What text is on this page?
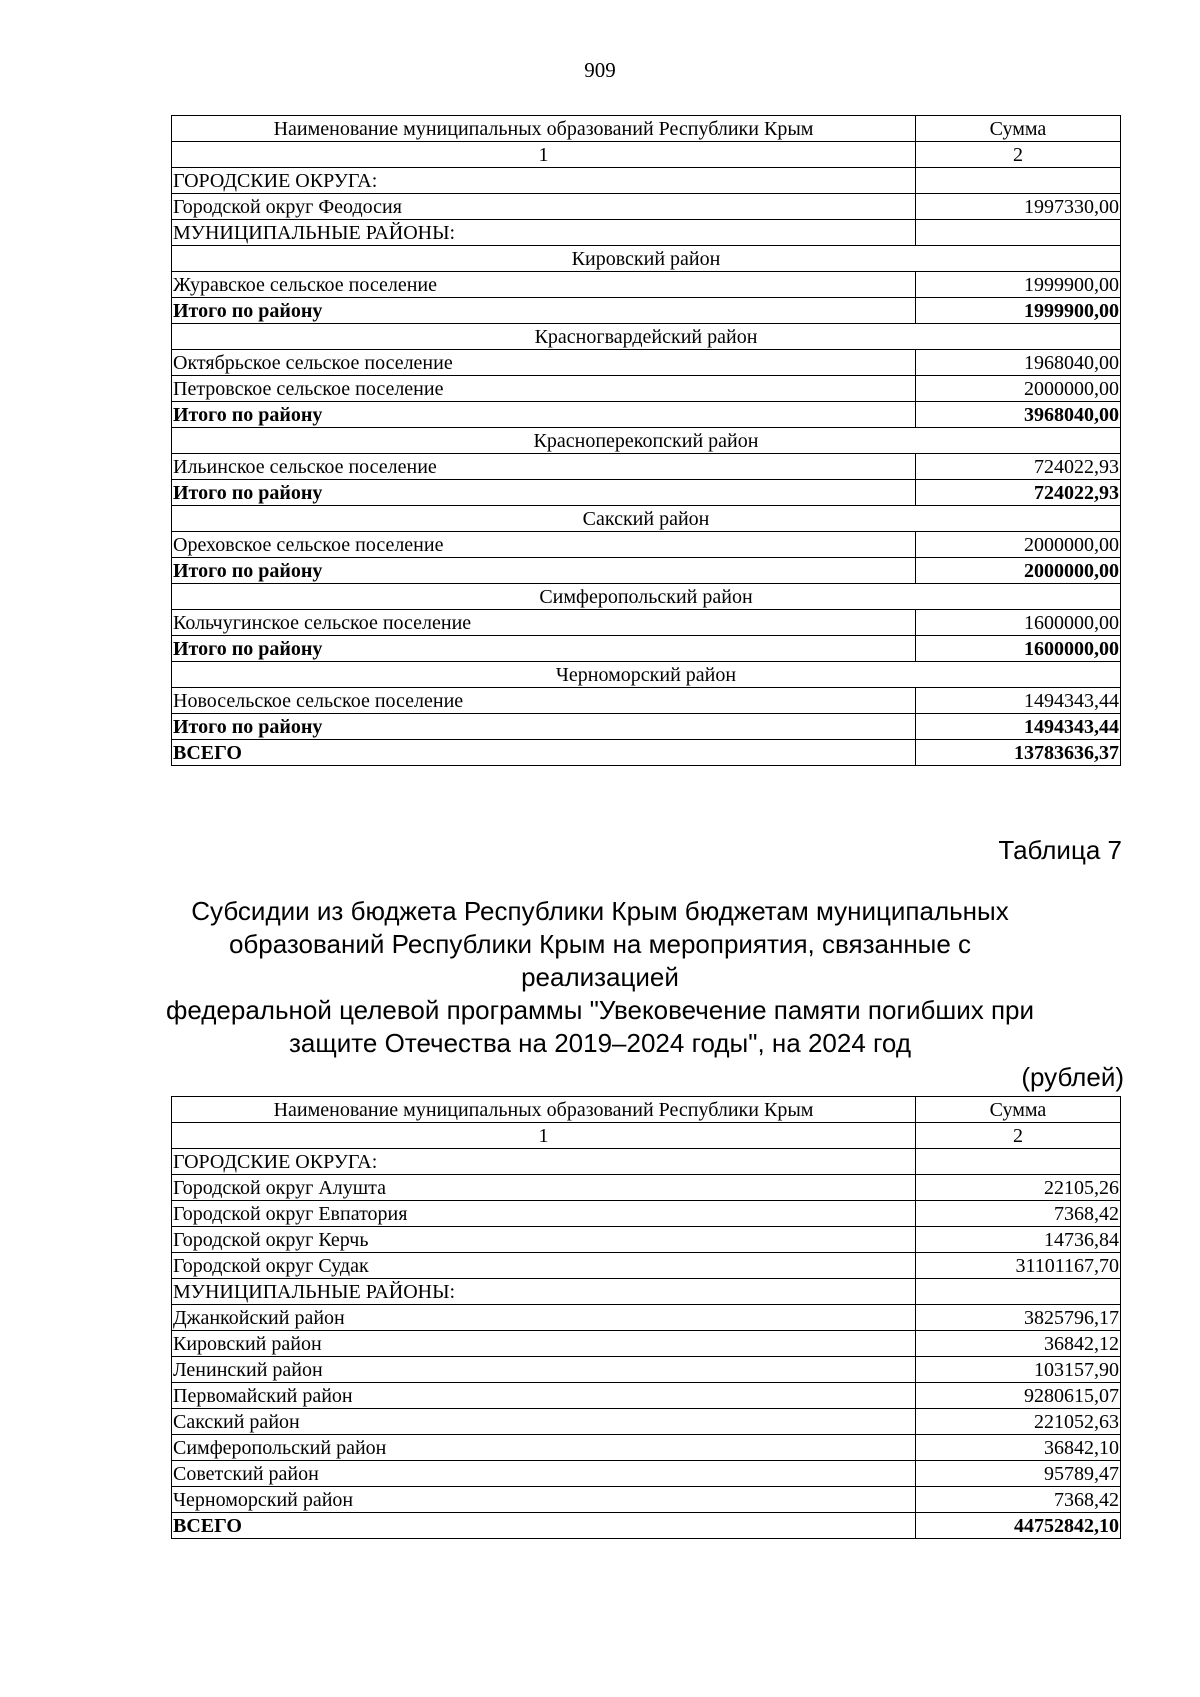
909
Наименование муниципальных образований Республики Крым	Сумма
1	2
ГОРОДСКИЕ ОКРУГА:	
Городской округ Феодосия	1997330,00
МУНИЦИПАЛЬНЫЕ РАЙОНЫ:	
Кировский район	
Журавское сельское поселение	1999900,00
Итого по району	1999900,00
Красногвардейский район	
Октябрьское сельское поселение	1968040,00
Петровское сельское поселение	2000000,00
Итого по району	3968040,00
Красноперекопский район	
Ильинское сельское поселение	724022,93
Итого по району	724022,93
Сакский район	
Ореховское сельское поселение	2000000,00
Итого по району	2000000,00
Симферопольский район	
Кольчугинское сельское поселение	1600000,00
Итого по району	1600000,00
Черноморский район	
Новосельское сельское поселение	1494343,44
Итого по району	1494343,44
ВСЕГО	13783636,37
Таблица 7
Субсидии из бюджета Республики Крым бюджетам муниципальных
образований Республики Крым на мероприятия, связанные с реализацией
федеральной целевой программы "Увековечение памяти погибших при
защите Отечества на 2019–2024 годы", на 2024 год
(рублей)
Наименование муниципальных образований Республики Крым	Сумма
1	2
ГОРОДСКИЕ ОКРУГА:	
Городской округ Алушта	22105,26
Городской округ Евпатория	7368,42
Городской округ Керчь	14736,84
Городской округ Судак	31101167,70
МУНИЦИПАЛЬНЫЕ РАЙОНЫ:	
Джанкойский район	3825796,17
Кировский район	36842,12
Ленинский район	103157,90
Первомайский район	9280615,07
Сакский район	221052,63
Симферопольский район	36842,10
Советский район	95789,47
Черноморский район	7368,42
ВСЕГО	44752842,10
